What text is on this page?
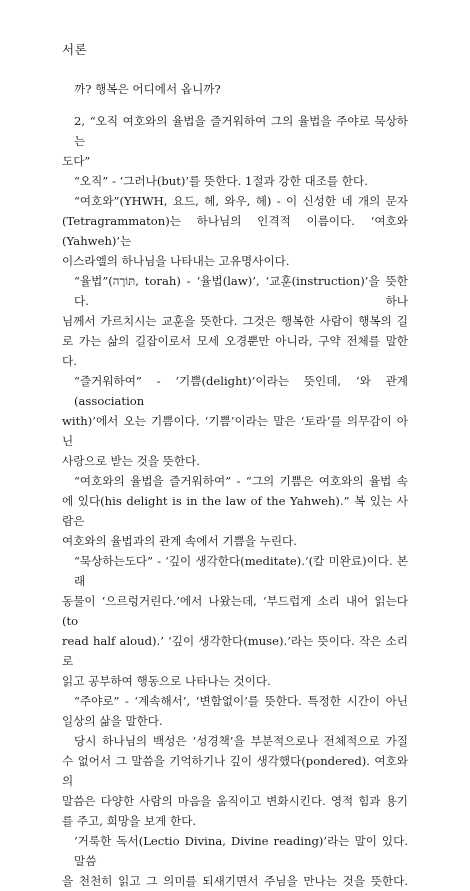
서론
까? 행복은 어디에서 옵니까?
2, “오직 여호와의 율법을 즐거워하여 그의 율법을 주야로 묵상하는
도다”
“오직” - ‘그러나(but)’를 뜻한다. 1절과 강한 대조를 한다.
“여호와”(YHWH, 요드, 헤, 와우, 헤) - 이 신성한 네 개의 문자
(Tetragrammaton)는 하나님의 인격적 이름이다. ‘여호와(Yahweh)’는
이스라엘의 하나님을 나타내는 고유명사이다.
“율법”(תּוֹרָה, torah) - ‘율법(law)’, ‘교훈(instruction)’을 뜻한다. 하나
님께서 가르치시는 교훈을 뜻한다. 그것은 행복한 사람이 행복의 길
로 가는 삶의 길잡이로서 모세 오경뿐만 아니라, 구약 전체를 말한
다.
“즐거워하여” - ‘기쁨(delight)’이라는 뜻인데, ‘와 관계(association
with)’에서 오는 기쁨이다. ‘기쁨’이라는 말은 ‘토라’를 의무감이 아닌
사랑으로 받는 것을 뜻한다.
“여호와의 율법을 즐거워하여” - “그의 기쁨은 여호와의 율법 속
에 있다(his delight is in the law of the Yahweh).” 복 있는 사람은
여호와의 율법과의 관계 속에서 기쁨을 누린다.
“묵상하는도다” - ‘깊이 생각한다(meditate).’(칼 미완료)이다. 본래
동물이 ‘으르렁거린다.’에서 나왔는데, ‘부드럽게 소리 내어 읽는다(to
read half aloud).’ ‘깊이 생각한다(muse).’라는 뜻이다. 작은 소리로
읽고 공부하여 행동으로 나타나는 것이다.
“주야로” - ‘계속해서’, ‘변함없이’를 뜻한다. 특정한 시간이 아닌
일상의 삶을 말한다.
당시 하나님의 백성은 ‘성경책’을 부분적으로나 전체적으로 가질
수 없어서 그 말씀을 기억하기나 깊이 생각했다(pondered). 여호와의
말씀은 다양한 사람의 마음을 움직이고 변화시킨다. 영적 힘과 용기
를 주고, 희망을 보게 한다.
‘거룩한 독서(Lectio Divina, Divine reading)’라는 말이 있다. 말씀
을 천천히 읽고 그 의미를 되새기면서 주님을 만나는 것을 뜻한다.
